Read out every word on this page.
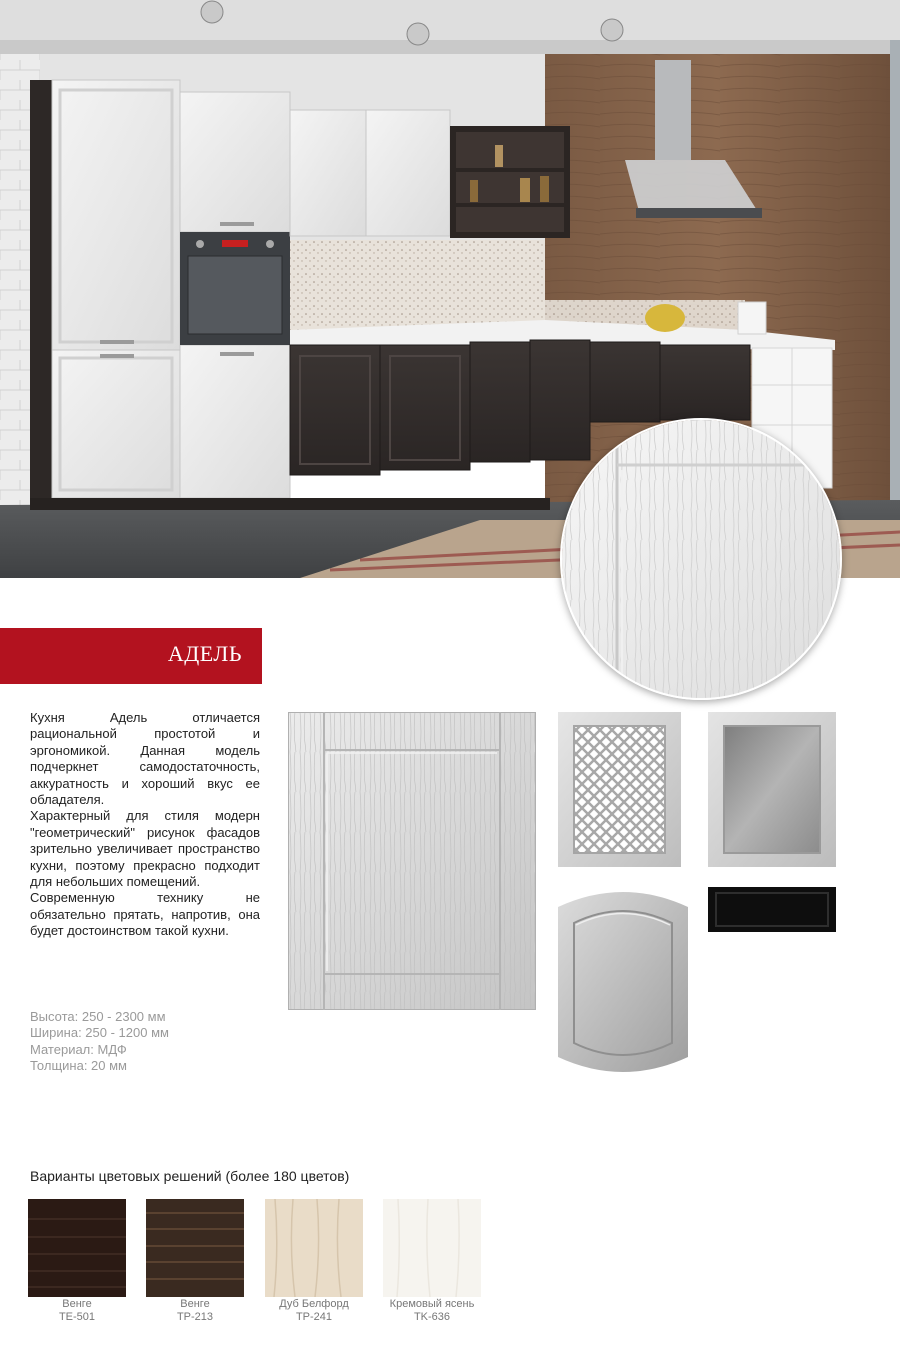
АДЕЛЬ

Кухня Адель отличается рациональной простотой и эргономикой. Данная модель подчеркнет самодостаточность, аккуратность и хороший вкус ее обладателя.

Характерный для стиля модерн "геометрический" рисунок фасадов зрительно увеличивает пространство кухни, поэтому прекрасно подходит для небольших помещений.

Современную технику не обязательно прятать, напротив, она будет достоинством такой кухни.

Высота: 250 - 2300 мм
Ширина: 250 - 1200 мм
Материал: МДФ
Толщина: 20 мм
Варианты цветовых решений (более 180 цветов)
Венге
TE-501
Венге
TP-213
Дуб Белфорд
TP-241
Кремовый ясень
TK-636
